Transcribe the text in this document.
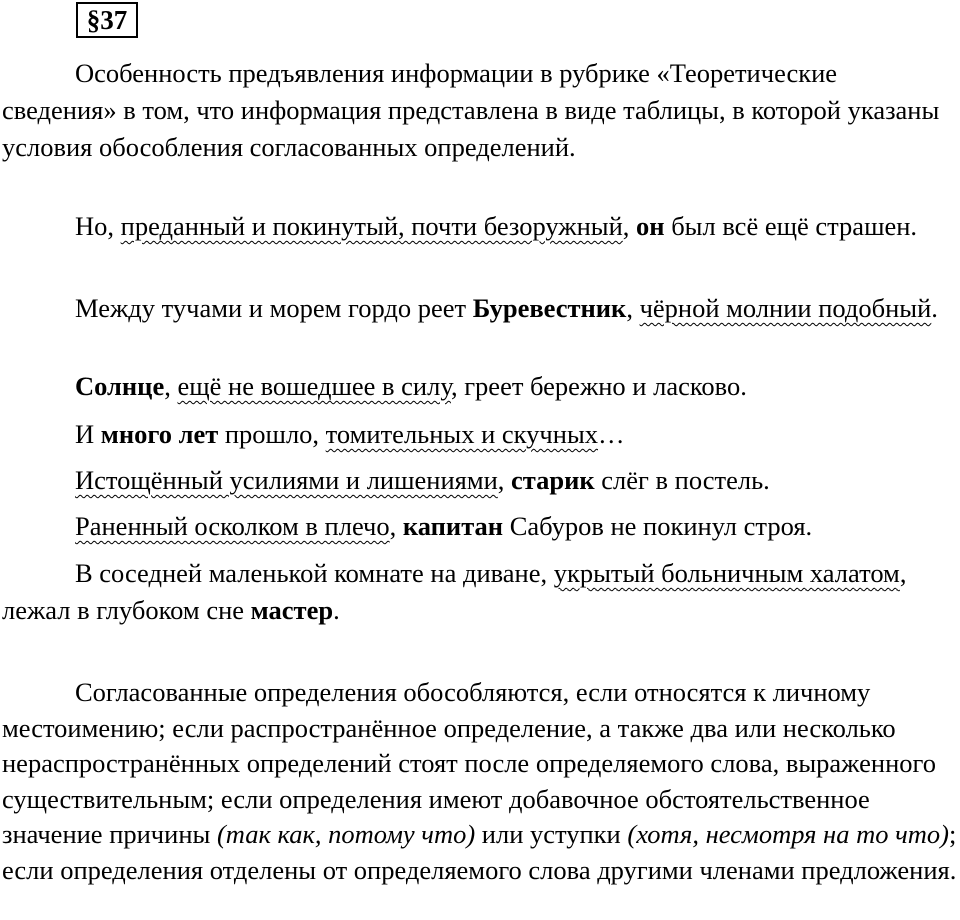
§37

Особенность предъявления информации в рубрике «Теоретические сведения» в том, что информация представлена в виде таблицы, в которой указаны условия обособления согласованных определений.

Но, преданный и покинутый, почти безоружный, он был всё ещё страшен.

Между тучами и морем гордо реет Буревестник, чёрной молнии подобный.

Солнце, ещё не вошедшее в силу, греет бережно и ласково.

И много лет прошло, томительных и скучных…

Истощённый усилиями и лишениями, старик слёг в постель.

Раненный осколком в плечо, капитан Сабуров не покинул строя.

В соседней маленькой комнате на диване, укрытый больничным халатом, лежал в глубоком сне мастер.

Согласованные определения обособляются, если относятся к личному местоимению; если распространённое определение, а также два или несколько нераспространённых определений стоят после определяемого слова, выраженного существительным; если определения имеют добавочное обстоятельственное значение причины (так как, потому что) или уступки (хотя, несмотря на то что); если определения отделены от определяемого слова другими членами предложения.
